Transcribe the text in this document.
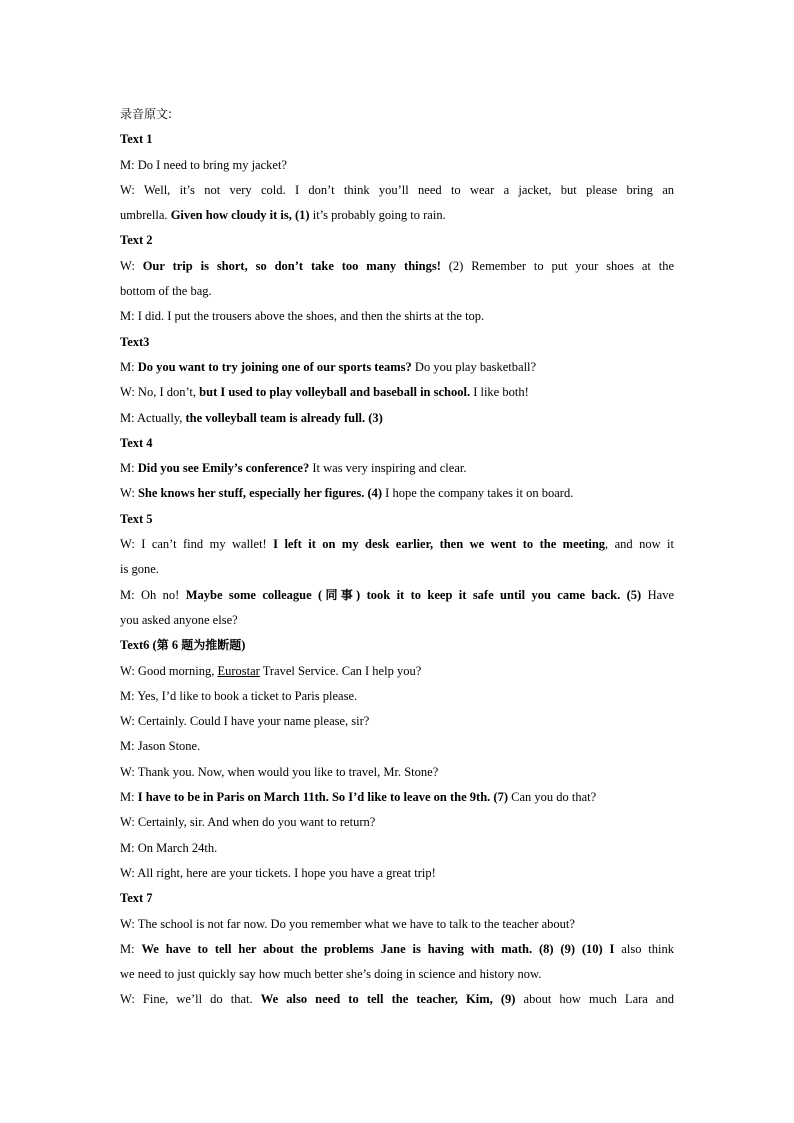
录音原文:
Text 1
M: Do I need to bring my jacket?
W: Well, it’s not very cold. I don’t think you’ll need to wear a jacket, but please bring an
umbrella. Given how cloudy it is, (1) it’s probably going to rain.
Text 2
W: Our trip is short, so don’t take too many things! (2) Remember to put your shoes at the
bottom of the bag.
M: I did. I put the trousers above the shoes, and then the shirts at the top.
Text3
M: Do you want to try joining one of our sports teams? Do you play basketball?
W: No, I don’t, but I used to play volleyball and baseball in school. I like both!
M: Actually, the volleyball team is already full. (3)
Text 4
M: Did you see Emily’s conference? It was very inspiring and clear.
W: She knows her stuff, especially her figures. (4) I hope the company takes it on board.
Text 5
W: I can’t find my wallet! I left it on my desk earlier, then we went to the meeting, and now it
is gone.
M: Oh no! Maybe some colleague (同事) took it to keep it safe until you came back. (5) Have
you asked anyone else?
Text6 (第 6 题为推断题)
W: Good morning, Eurostar Travel Service. Can I help you?
M: Yes, I’d like to book a ticket to Paris please.
W: Certainly. Could I have your name please, sir?
M: Jason Stone.
W: Thank you. Now, when would you like to travel, Mr. Stone?
M: I have to be in Paris on March 11th. So I’d like to leave on the 9th. (7) Can you do that?
W: Certainly, sir. And when do you want to return?
M: On March 24th.
W: All right, here are your tickets. I hope you have a great trip!
Text 7
W: The school is not far now. Do you remember what we have to talk to the teacher about?
M: We have to tell her about the problems Jane is having with math. (8) (9) (10) I also think
we need to just quickly say how much better she’s doing in science and history now.
W: Fine, we’ll do that. We also need to tell the teacher, Kim, (9) about how much Lara and
